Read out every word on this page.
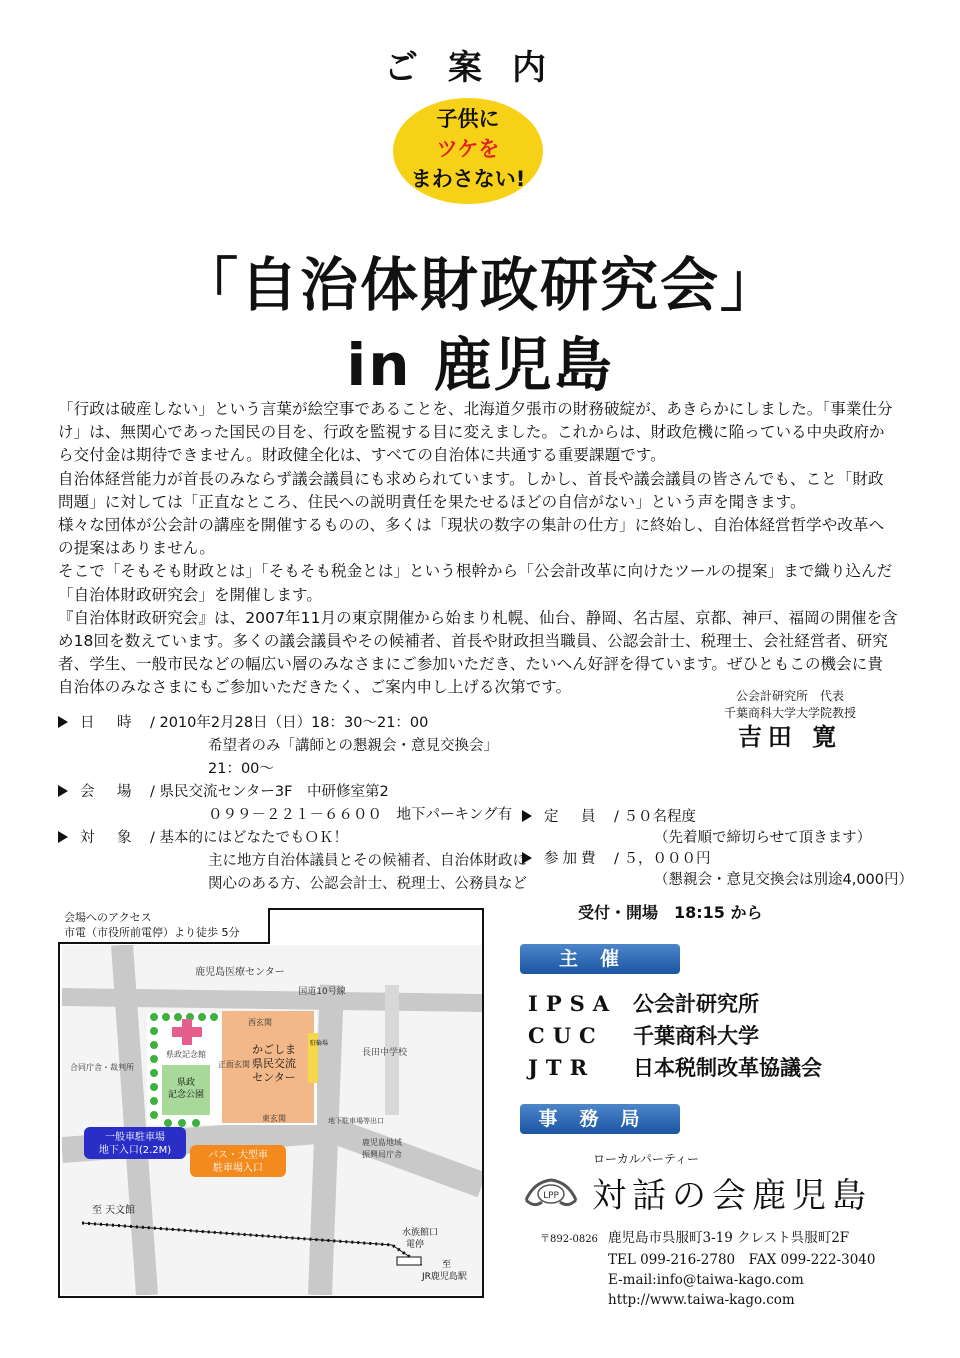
ご案内
子供に
ツケを
まわさない!
「自治体財政研究会」
in 鹿児島

「行政は破産しない」という言葉が絵空事であることを、北海道夕張市の財務破綻が、あきらかにしました。「事業仕分け」は、無関心であった国民の目を、行政を監視する目に変えました。これからは、財政危機に陥っている中央政府から交付金は期待できません。財政健全化は、すべての自治体に共通する重要課題です。

自治体経営能力が首長のみならず議会議員にも求められています。しかし、首長や議会議員の皆さんでも、こと「財政問題」に対しては「正直なところ、住民への説明責任を果たせるほどの自信がない」という声を聞きます。

様々な団体が公会計の講座を開催するものの、多くは「現状の数字の集計の仕方」に終始し、自治体経営哲学や改革への提案はありません。

そこで「そもそも財政とは」「そもそも税金とは」という根幹から「公会計改革に向けたツールの提案」まで織り込んだ「自治体財政研究会」を開催します。

『自治体財政研究会』は、2007年11月の東京開催から始まり札幌、仙台、静岡、名古屋、京都、神戸、福岡の開催を含め18回を数えています。多くの議会議員やその候補者、首長や財政担当職員、公認会計士、税理士、会社経営者、研究者、学生、一般市民などの幅広い層のみなさまにご参加いただき、たいへん好評を得ています。ぜひともこの機会に貴自治体のみなさまにもご参加いただきたく、ご案内申し上げる次第です。	公会計研究所　代表
千葉商科大学大学院教授
吉田 寛
日　時 / 2010年2月28日（日）18：30〜21：00
希望者のみ「講師との懇親会・意見交換会」21：00〜
会　場 / 県民交流センター3F　中研修室第2
０９９－２２１－６６００　地下パーキング有
対　象 / 基本的にはどなたでもＯＫ！
主に地方自治体議員とその候補者、自治体財政に
関心のある方、公認会計士、税理士、公務員など
定　員 / ５０名程度
（先着順で締切らせて頂きます）
参加費 / ５，０００円
（懇親会・意見交換会は別途4,000円）
受付・開場　18:15 から
鹿児島医療センター
国道10号線
西玄関
県政記念館
正面玄関
かごしま
県民交流
センター
駐輪場
県政
記念公園
東玄関
合同庁舎・裁判所
長田中学校
地下駐車場等出口
鹿児島地域
振興局庁舎
一般車駐車場
地下入口(2.2M)	バス・大型車
駐車場入口
至 天文館
水族館口
電停
至
JR鹿児島駅
会場へのアクセス
市電（市役所前電停）より徒歩 5分
主催
IPSA 公会計研究所
CUC 千葉商科大学
JTR 日本税制改革協議会
事務局
LPP
ローカルパーティー
対話の会鹿児島
〒892-0826 鹿児島市呉服町3-19 クレスト呉服町2F
TEL 099-216-2780　FAX 099-222-3040
E-mail:info@taiwa-kago.com
http://www.taiwa-kago.com
